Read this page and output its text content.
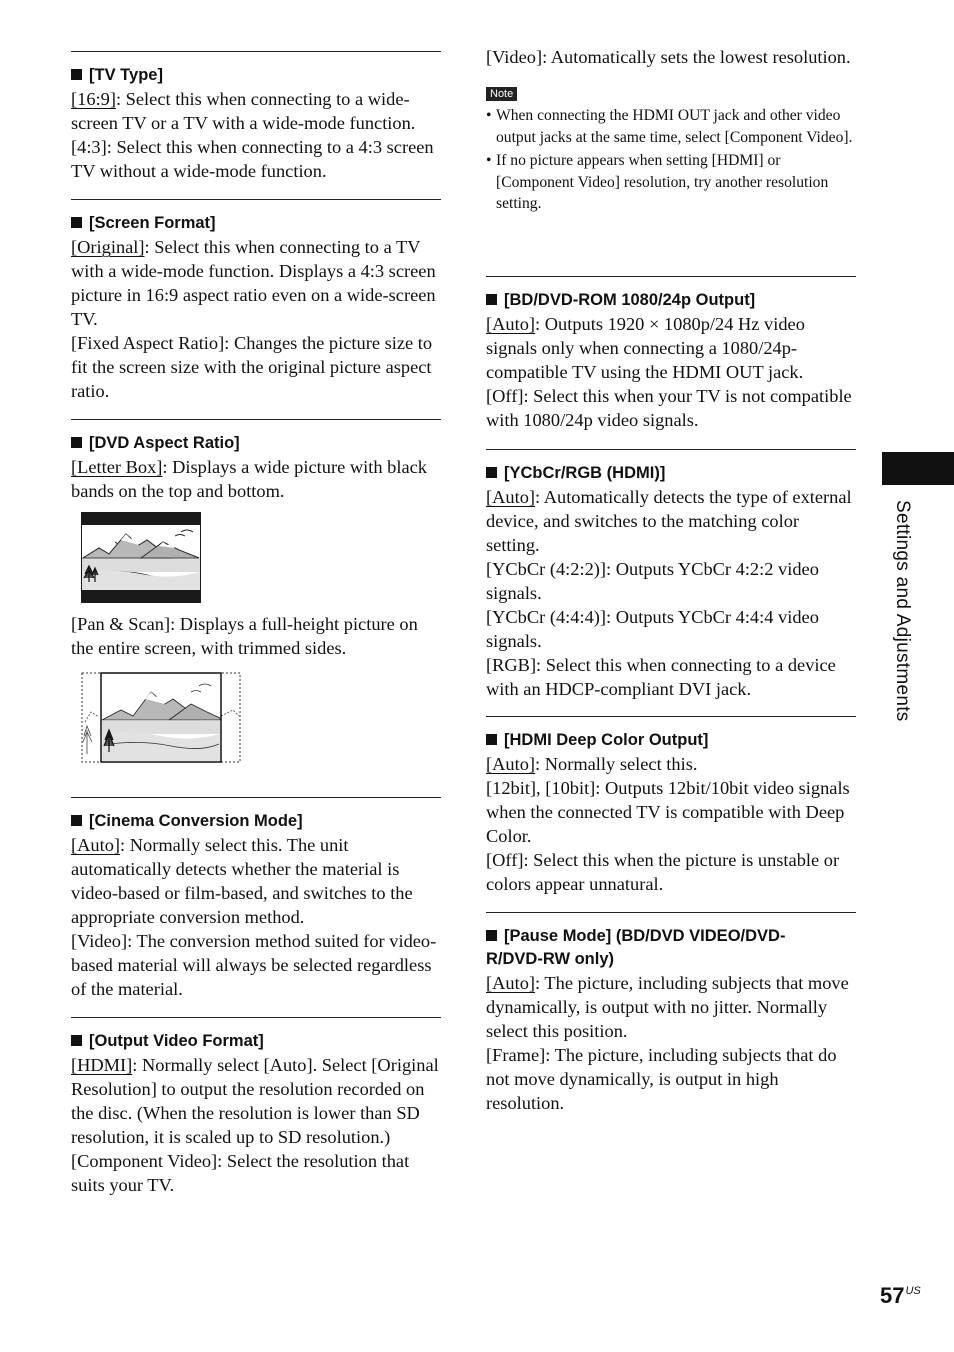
[TV Type]

[16:9]: Select this when connecting to a wide-screen TV or a TV with a wide-mode function.

[4:3]: Select this when connecting to a 4:3 screen TV without a wide-mode function.

[Screen Format]

[Original]: Select this when connecting to a TV with a wide-mode function. Displays a 4:3 screen picture in 16:9 aspect ratio even on a wide-screen TV.

[Fixed Aspect Ratio]: Changes the picture size to fit the screen size with the original picture aspect ratio.

[DVD Aspect Ratio]

[Letter Box]: Displays a wide picture with black bands on the top and bottom.

[Pan & Scan]: Displays a full-height picture on the entire screen, with trimmed sides.

[Cinema Conversion Mode]

[Auto]: Normally select this. The unit automatically detects whether the material is video-based or film-based, and switches to the appropriate conversion method.

[Video]: The conversion method suited for video-based material will always be selected regardless of the material.

[Output Video Format]

[HDMI]: Normally select [Auto]. Select [Original Resolution] to output the resolution recorded on the disc. (When the resolution is lower than SD resolution, it is scaled up to SD resolution.)

[Component Video]: Select the resolution that suits your TV.

[Video]: Automatically sets the lowest resolution.

Note
• When connecting the HDMI OUT jack and other video output jacks at the same time, select [Component Video].
• If no picture appears when setting [HDMI] or [Component Video] resolution, try another resolution setting.
[BD/DVD-ROM 1080/24p Output]

[Auto]: Outputs 1920 × 1080p/24 Hz video signals only when connecting a 1080/24p-compatible TV using the HDMI OUT jack.

[Off]: Select this when your TV is not compatible with 1080/24p video signals.

[YCbCr/RGB (HDMI)]

[Auto]: Automatically detects the type of external device, and switches to the matching color setting.

[YCbCr (4:2:2)]: Outputs YCbCr 4:2:2 video signals.

[YCbCr (4:4:4)]: Outputs YCbCr 4:4:4 video signals.

[RGB]: Select this when connecting to a device with an HDCP-compliant DVI jack.

[HDMI Deep Color Output]

[Auto]: Normally select this.

[12bit], [10bit]: Outputs 12bit/10bit video signals when the connected TV is compatible with Deep Color.

[Off]: Select this when the picture is unstable or colors appear unnatural.

[Pause Mode] (BD/DVD VIDEO/DVD-R/DVD-RW only)

[Auto]: The picture, including subjects that move dynamically, is output with no jitter. Normally select this position.

[Frame]: The picture, including subjects that do not move dynamically, is output in high resolution.

Settings and Adjustments
$57^{US}$
